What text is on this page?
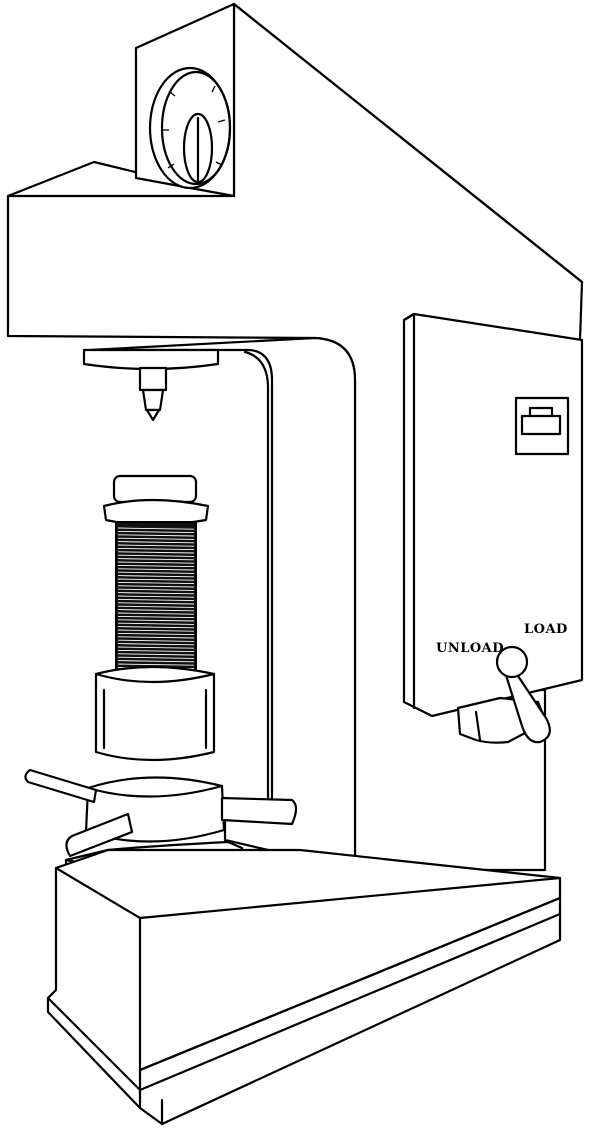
UNLOAD
LOAD
